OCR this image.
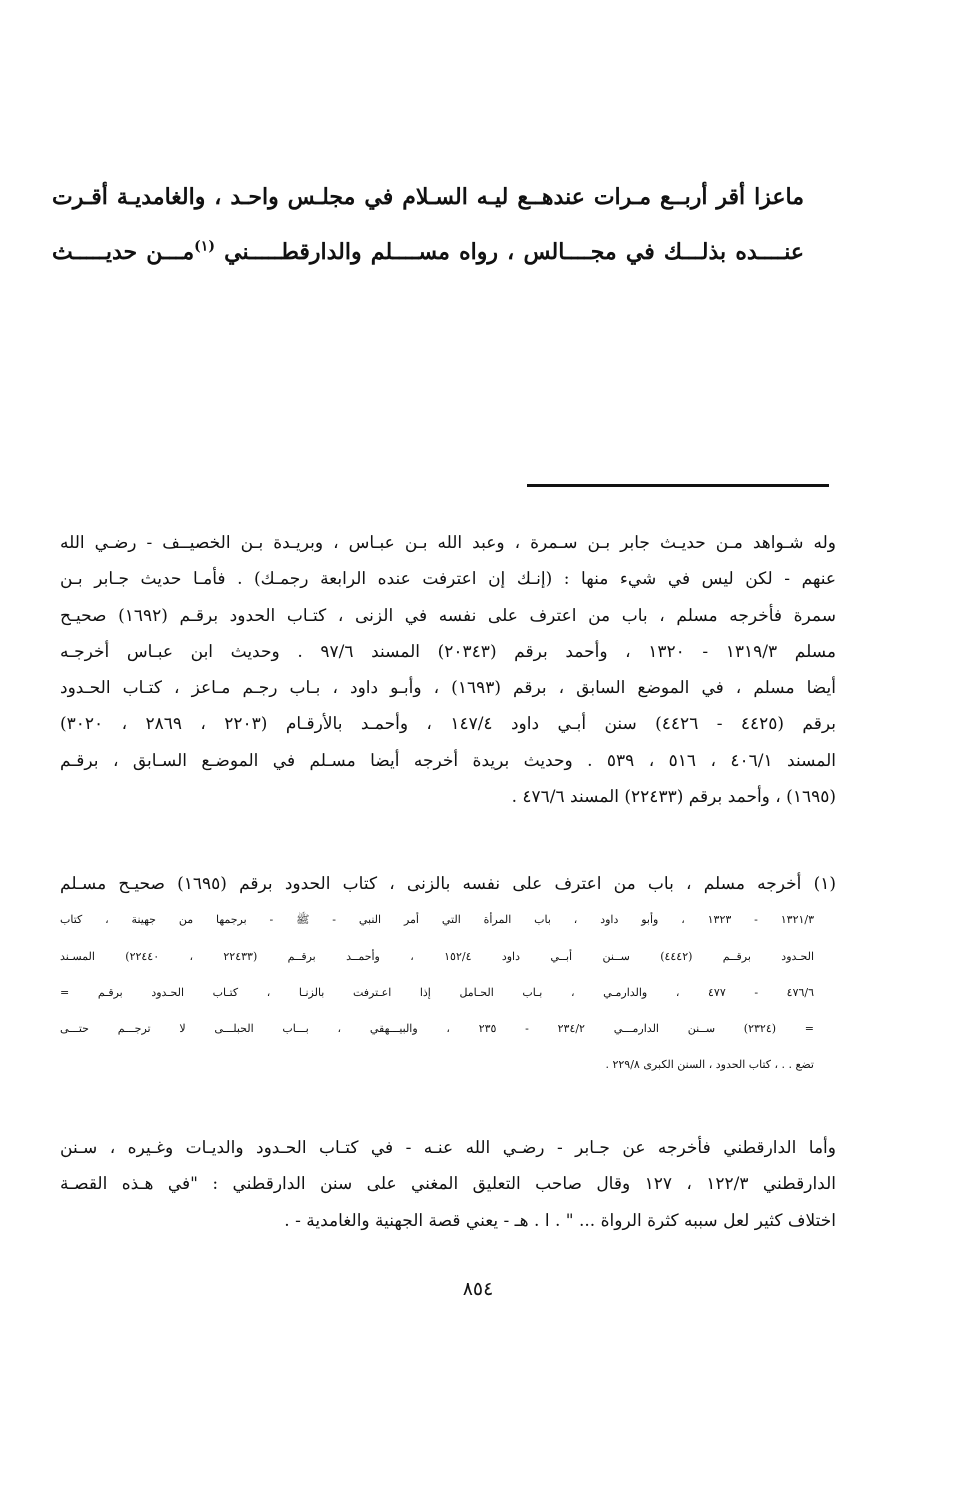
ماعزا أقر أربــع مـرات عندهــع ليـه السـلام في مجلـس واحـد ، والغامديـة أقـرت
عنــــده بذلـــك في مجــــالس ، رواه مســــلم والدارقطـــــني $^{(١)}$مـــن حديـــــث
وله شـواهد مـن حديـث جابر بـن سـمرة ، وعبد الله بـن عبـاس ، وبريـدة بـن الخصيــف - رضـي الله
عنهم - لكن ليس في شيء منها : (إنـك إن اعترفت عنده الرابعة رجمـك) . فأمـا حديث جـابر بـن
سمرة فأخرجه مسلم ، باب من اعترف على نفسه في الزنى ، كتـاب الحدود برقـم (١٦٩٢) صحيـح
مسلم ١٣١٩/٣ - ١٣٢٠ ، وأحمد برقم (٢٠٣٤٣) المسند ٩٧/٦ . وحديث ابن عبـاس أخرجـه
أيضا مسلم ، في الموضع السابق ، برقم (١٦٩٣) ، وأبـو داود ، بـاب رجـم مـاعز ، كتـاب الحـدود
برقم (٤٤٢٥ - ٤٤٢٦) سنن أبـي داود ١٤٧/٤ ، وأحمـد بالأرقـام (٢٢٠٣ ، ٢٨٦٩ ، ٣٠٢٠)
المسند ٤٠٦/١ ، ٥١٦ ، ٥٣٩ . وحديث بريدة أخرجه أيضا مسـلم في الموضـع السـابق ، برقـم
(١٦٩٥) ، وأحمد برقم (٢٢٤٣٣) المسند ٤٧٦/٦ .
(١) أخرجه مسلم ، باب من اعترف على نفسه بالزنى ، كتاب الحدود برقم (١٦٩٥) صحيـح مسـلم
١٣٢١/٣ - ١٣٢٣ ، وأبو داود ، باب المرأة التي أمر النبي - ﷺ - برجمها من جهينة ، كتاب
الحـدود برقــم (٤٤٤٢) ســنن أبــي داود ١٥٢/٤ ، وأحمــد برقــم (٢٢٤٣٣ ، ٢٢٤٤٠) المسـند
٤٧٦/٦ - ٤٧٧ ، والدارمـي ، بـاب الحـامل إذا اعـترفت بالزنـا ، كتـاب الحـدود برقـم =
= (٢٣٢٤) ســنن الدارمـــي ٢٣٤/٢ - ٢٣٥ ، والبيـــهقي ، بـــاب الحبلـــى لا ترجـــم حتـــى
تضع . . ، كتاب الحدود ، السنن الكبرى ٢٢٩/٨ .
وأما الدارقطني فأخرجه عن جـابر - رضـي الله عنـه - في كتـاب الحـدود والديـات وغـيره ، سـنن
الدارقطني ١٢٢/٣ ، ١٢٧ وقال صاحب التعليق المغني على سنن الدارقطني : "في هـذه القصـة
اختلاف كثير لعل سببه كثرة الرواة ... " . ا . هـ - يعني قصة الجهنية والغامدية - .
٨٥٤
